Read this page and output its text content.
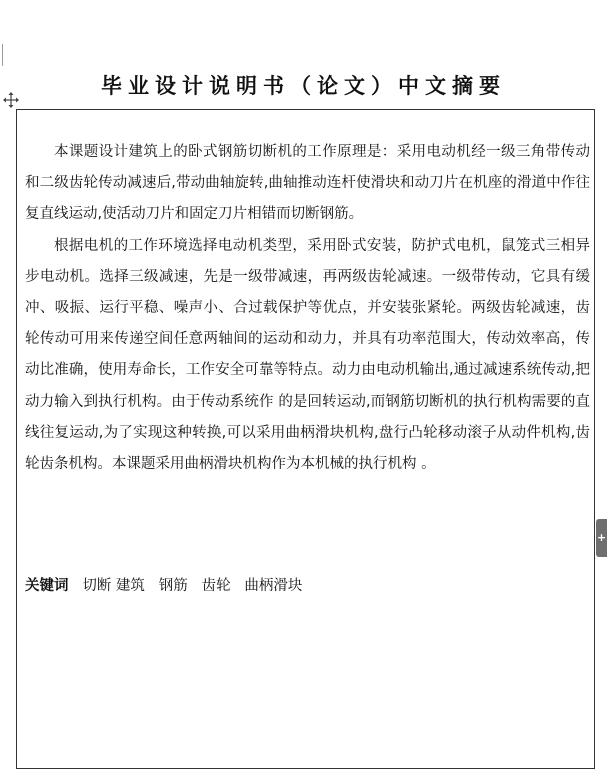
毕业设计说明书（论文）中文摘要

本课题设计建筑上的卧式钢筋切断机的工作原理是：采用电动机经一级三角带传动和二级齿轮传动减速后,带动曲轴旋转,曲轴推动连杆使滑块和动刀片在机座的滑道中作往复直线运动,使活动刀片和固定刀片相错而切断钢筋。

根据电机的工作环境选择电动机类型，采用卧式安装，防护式电机，鼠笼式三相异步电动机。选择三级减速，先是一级带减速，再两级齿轮减速。一级带传动，它具有缓冲、吸振、运行平稳、噪声小、合过载保护等优点，并安装张紧轮。两级齿轮减速，齿轮传动可用来传递空间任意两轴间的运动和动力，并具有功率范围大，传动效率高，传动比准确，使用寿命长，工作安全可靠等特点。动力由电动机输出,通过减速系统传动,把动力输入到执行机构。由于传动系统作 的是回转运动,而钢筋切断机的执行机构需要的直线往复运动,为了实现这种转换,可以采用曲柄滑块机构,盘行凸轮移动滚子从动件机构,齿轮齿条机构。本课题采用曲柄滑块机构作为本机械的执行机构 。

关键词   切断 建筑   钢筋   齿轮   曲柄滑块
+
